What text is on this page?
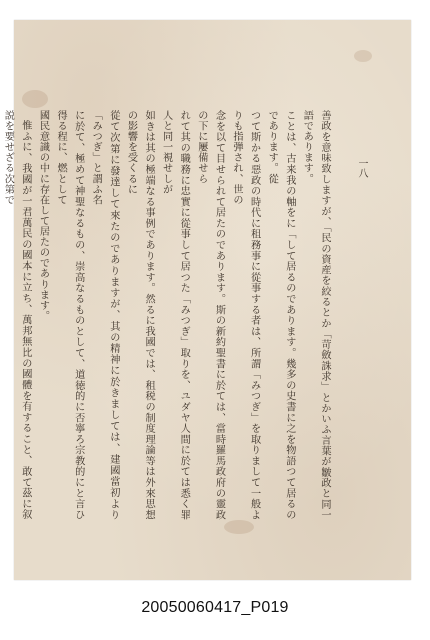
善政を意味致しますが、「民の資産を絞るとか「苛斂誅求」とかいふ言葉が皺政と同一語であります。

ことは、古来我の軸をに「して居るのであります。幾多の史書に之を物語つて居るのであります。從

つて斯かる惡政の時代に租務事に從事する者は、所謂「みつぎ」を取りまして一般よりも指弾され、世の

念を以て目せられて居たのであります。斯の新約聖書に於ては、當時羅馬政府の靈政の下に屢備せら

れて其の職務に忠實に從事して居つた「みつぎ」取りを、ユダヤ人間に於ては悉く罪人と同一視せしが

如きは其の極端なる事例であります。然るに我國では、租税の制度理論等は外來思想の影響を受くるに

從て次第に發達して來たのでありますが、其の精神に於きましては、建國當初より「みつぎ」と謂ふ名

に於て、極めて神聖なるもの、崇高なるものとして、道徳的に否寧ろ宗教的にと言ひ得る程に、燃として

國民意識の中に存在して居たのであります。

惟ふに、我國が一君萬民の國本に立ち、萬邦無比の國體を有すること、敢て茲に叙説を要せざる次第で	一八
20050060417_P019
